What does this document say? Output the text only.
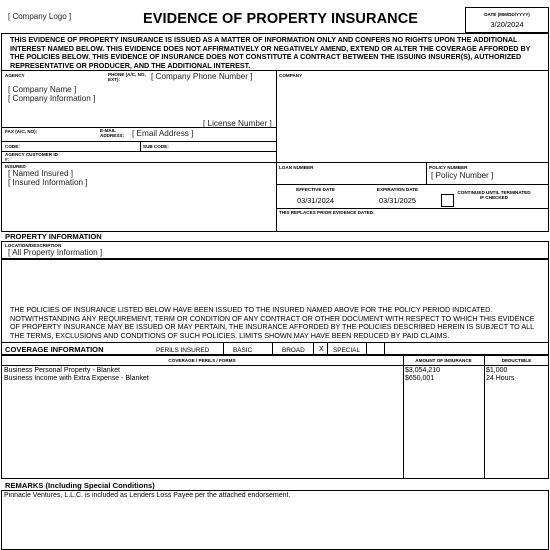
[ Company Logo ]	EVIDENCE OF PROPERTY INSURANCE	DATE (MM/DD/YYYY)
3/20/2024
THIS EVIDENCE OF PROPERTY INSURANCE IS ISSUED AS A MATTER OF INFORMATION ONLY AND CONFERS NO RIGHTS UPON THE ADDITIONAL INTEREST NAMED BELOW. THIS EVIDENCE DOES NOT AFFIRMATIVELY OR NEGATIVELY AMEND, EXTEND OR ALTER THE COVERAGE AFFORDED BY THE POLICIES BELOW. THIS EVIDENCE OF INSURANCE DOES NOT CONSTITUTE A CONTRACT BETWEEN THE ISSUING INSURER(S), AUTHORIZED REPRESENTATIVE OR PRODUCER, AND THE ADDITIONAL INTEREST.
COMPANY
AGENCY	PHONE (A/C, NO, EXT):	[ Company Phone Number ]
[ Company Name ]
[ Company Information ]
[ License Number ]
FAX (A/C, NO):	E-MAIL ADDRESS: [ Email Address ]
CODE:	SUB CODE:
AGENCY CUSTOMER ID #:
INSURED
[ Named Insured ]
[ Insured Information ]
LOAN NUMBER	POLICY NUMBER
[ Policy Number ]
EFFECTIVE DATE
03/31/2024
EXPIRATION DATE
03/31/2025
CONTINUED UNTIL TERMINATED IF CHECKED
THIS REPLACES PRIOR EVIDENCE DATED:
PROPERTY INFORMATION
LOCATION/DESCRIPTION
[ All Property Information ]
THE POLICIES OF INSURANCE LISTED BELOW HAVE BEEN ISSUED TO THE INSURED NAMED ABOVE FOR THE POLICY PERIOD INDICATED. NOTWITHSTANDING ANY REQUIREMENT, TERM OR CONDITION OF ANY CONTRACT OR OTHER DOCUMENT WITH RESPECT TO WHICH THIS EVIDENCE OF PROPERTY INSURANCE MAY BE ISSUED OR MAY PERTAIN, THE INSURANCE AFFORDED BY THE POLICIES DESCRIBED HEREIN IS SUBJECT TO ALL THE TERMS, EXCLUSIONS AND CONDITIONS OF SUCH POLICIES. LIMITS SHOWN MAY HAVE BEEN REDUCED BY PAID CLAIMS.
COVERAGE INFORMATION	PERILS INSURED	BASIC	BROAD X SPECIAL
COVERAGE / PERILS / FORMS	AMOUNT OF INSURANCE	DEDUCTIBLE
Business Personal Property - Blanket	$3,054,210	$1,000
Business Income with Extra Expense - Blanket	$650,001	24 Hours
REMARKS (Including Special Conditions)
Pinnacle Ventures, L.L.C. is included as Lenders Loss Payee per the attached endorsement.
